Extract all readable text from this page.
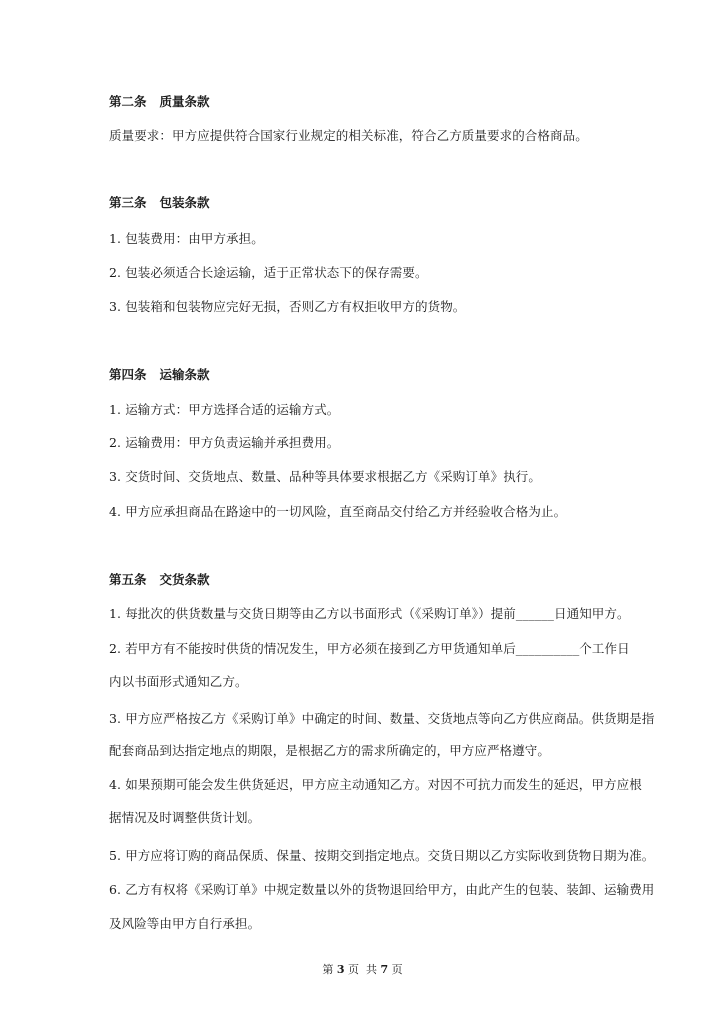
第二条   质量条款
质量要求：甲方应提供符合国家行业规定的相关标准，符合乙方质量要求的合格商品。
第三条   包装条款
1. 包装费用：由甲方承担。
2. 包装必须适合长途运输，适于正常状态下的保存需要。
3. 包装箱和包装物应完好无损，否则乙方有权拒收甲方的货物。
第四条   运输条款
1. 运输方式：甲方选择合适的运输方式。
2. 运输费用：甲方负责运输并承担费用。
3. 交货时间、交货地点、数量、品种等具体要求根据乙方《采购订单》执行。
4. 甲方应承担商品在路途中的一切风险，直至商品交付给乙方并经验收合格为止。
第五条   交货条款
1. 每批次的供货数量与交货日期等由乙方以书面形式（《采购订单》）提前______日通知甲方。
2. 若甲方有不能按时供货的情况发生，甲方必须在接到乙方甲货通知单后__________个工作日
内以书面形式通知乙方。
3. 甲方应严格按乙方《采购订单》中确定的时间、数量、交货地点等向乙方供应商品。供货期是指
配套商品到达指定地点的期限，是根据乙方的需求所确定的，甲方应严格遵守。
4. 如果预期可能会发生供货延迟，甲方应主动通知乙方。对因不可抗力而发生的延迟，甲方应根
据情况及时调整供货计划。
5. 甲方应将订购的商品保质、保量、按期交到指定地点。交货日期以乙方实际收到货物日期为准。
6. 乙方有权将《采购订单》中规定数量以外的货物退回给甲方，由此产生的包装、装卸、运输费用
及风险等由甲方自行承担。
第 3 页  共 7 页
